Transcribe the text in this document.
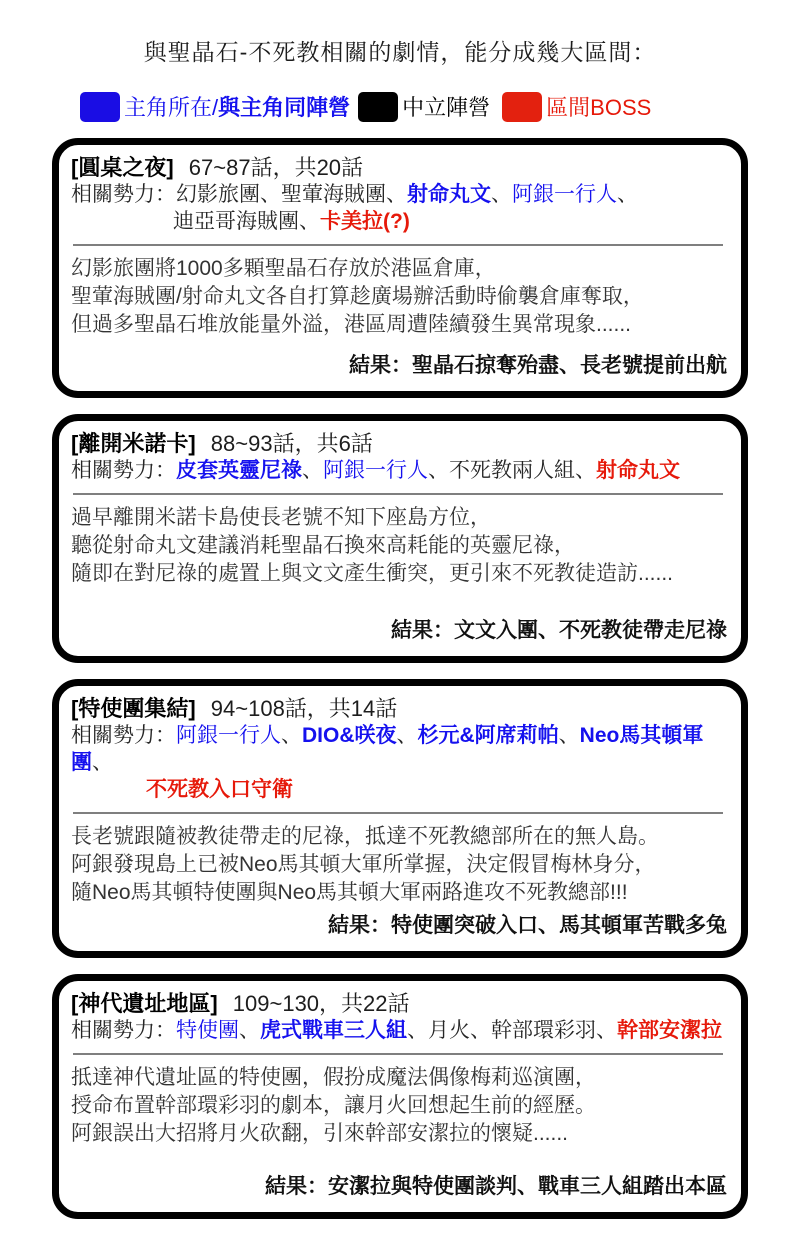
與聖晶石-不死教相關的劇情，能分成幾大區間：
主角所在/與主角同陣營 中立陣營	區間BOSS
[圓桌之夜] 67~87話，共20話
相關勢力：幻影旅團、聖葷海賊團、射命丸文、阿銀一行人、
迪亞哥海賊團、卡美拉(?)
幻影旅團將1000多顆聖晶石存放於港區倉庫，
聖葷海賊團/射命丸文各自打算趁廣場辦活動時偷襲倉庫奪取，
但過多聖晶石堆放能量外溢，港區周遭陸續發生異常現象......
結果：聖晶石掠奪殆盡、長老號提前出航
[離開米諾卡] 88~93話，共6話
相關勢力：皮套英靈尼祿、阿銀一行人、不死教兩人組、射命丸文
過早離開米諾卡島使長老號不知下座島方位，
聽從射命丸文建議消耗聖晶石換來高耗能的英靈尼祿，
隨即在對尼祿的處置上與文文產生衝突，更引來不死教徒造訪......
結果：文文入團、不死教徒帶走尼祿
[特使團集結] 94~108話，共14話
相關勢力：阿銀一行人、DIO&咲夜、杉元&阿席莉帕、Neo馬其頓軍團、
不死教入口守衛
長老號跟隨被教徒帶走的尼祿，抵達不死教總部所在的無人島。
阿銀發現島上已被Neo馬其頓大軍所掌握，決定假冒梅林身分，
隨Neo馬其頓特使團與Neo馬其頓大軍兩路進攻不死教總部!!!
結果：特使團突破入口、馬其頓軍苦戰多兔
[神代遺址地區] 109~130，共22話
相關勢力：特使團、虎式戰車三人組、月火、幹部環彩羽、幹部安潔拉
抵達神代遺址區的特使團，假扮成魔法偶像梅莉巡演團，
授命布置幹部環彩羽的劇本，讓月火回想起生前的經歷。
阿銀誤出大招將月火砍翻，引來幹部安潔拉的懷疑......
結果：安潔拉與特使團談判、戰車三人組踏出本區
